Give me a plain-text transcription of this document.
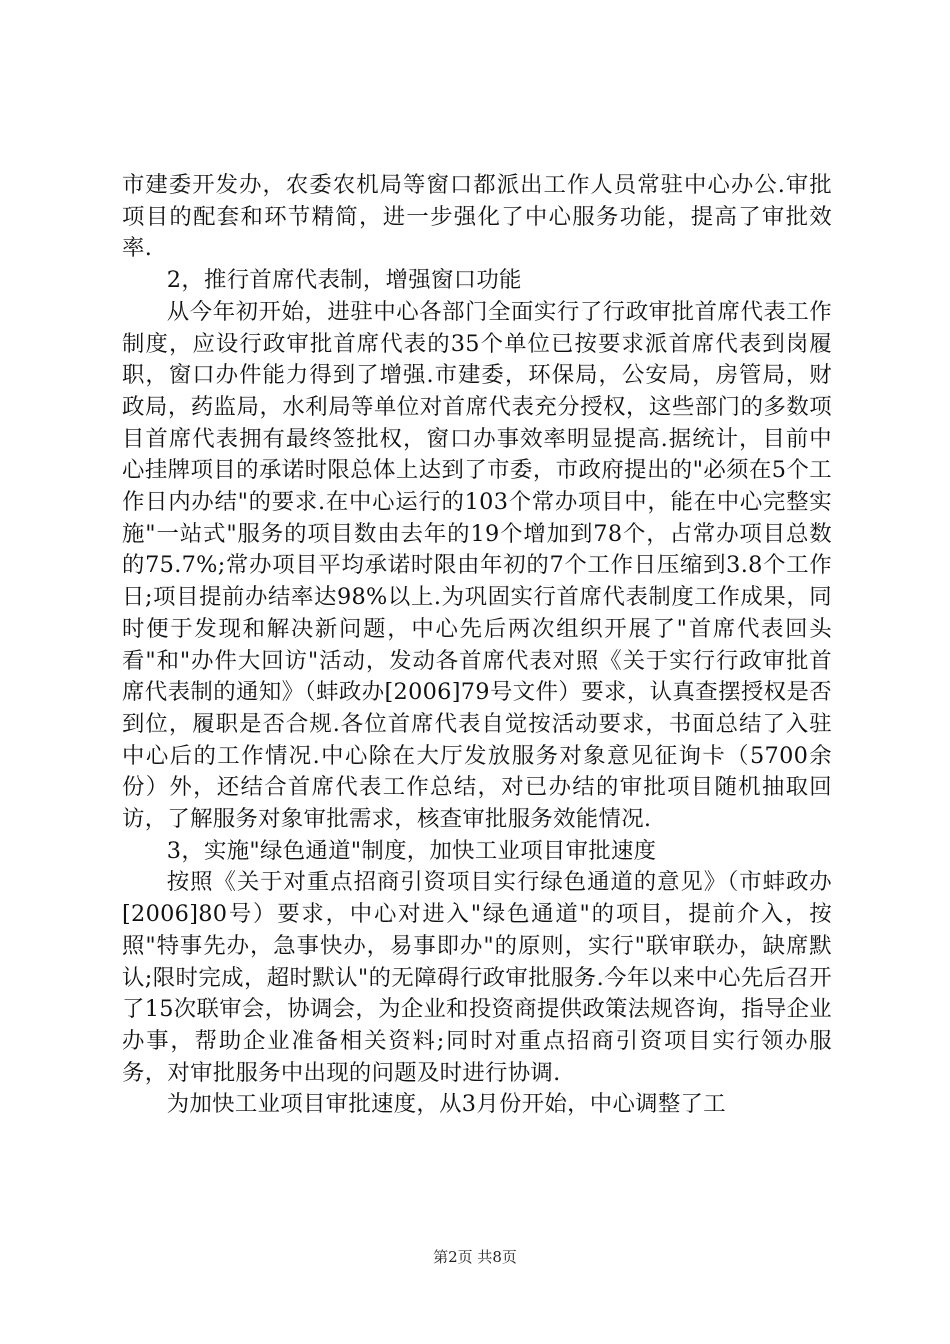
市建委开发办，农委农机局等窗口都派出工作人员常驻中心办公.审批项目的配套和环节精简，进一步强化了中心服务功能，提高了审批效率.

2，推行首席代表制，增强窗口功能

从今年初开始，进驻中心各部门全面实行了行政审批首席代表工作制度，应设行政审批首席代表的35个单位已按要求派首席代表到岗履职，窗口办件能力得到了增强.市建委，环保局，公安局，房管局，财政局，药监局，水利局等单位对首席代表充分授权，这些部门的多数项目首席代表拥有最终签批权，窗口办事效率明显提高.据统计，目前中心挂牌项目的承诺时限总体上达到了市委，市政府提出的"必须在5个工作日内办结"的要求.在中心运行的103个常办项目中，能在中心完整实施"一站式"服务的项目数由去年的19个增加到78个，占常办项目总数的75.7%;常办项目平均承诺时限由年初的7个工作日压缩到3.8个工作日;项目提前办结率达98%以上.为巩固实行首席代表制度工作成果，同时便于发现和解决新问题，中心先后两次组织开展了"首席代表回头看"和"办件大回访"活动，发动各首席代表对照《关于实行行政审批首席代表制的通知》（蚌政办[2006]79号文件）要求，认真查摆授权是否到位，履职是否合规.各位首席代表自觉按活动要求，书面总结了入驻中心后的工作情况.中心除在大厅发放服务对象意见征询卡（5700余份）外，还结合首席代表工作总结，对已办结的审批项目随机抽取回访，了解服务对象审批需求，核查审批服务效能情况.

3，实施"绿色通道"制度，加快工业项目审批速度

按照《关于对重点招商引资项目实行绿色通道的意见》（市蚌政办[2006]80号）要求，中心对进入"绿色通道"的项目，提前介入，按照"特事先办，急事快办，易事即办"的原则，实行"联审联办，缺席默认;限时完成，超时默认"的无障碍行政审批服务.今年以来中心先后召开了15次联审会，协调会，为企业和投资商提供政策法规咨询，指导企业办事，帮助企业准备相关资料;同时对重点招商引资项目实行领办服务，对审批服务中出现的问题及时进行协调.

为加快工业项目审批速度，从3月份开始，中心调整了工

第2页 共8页
